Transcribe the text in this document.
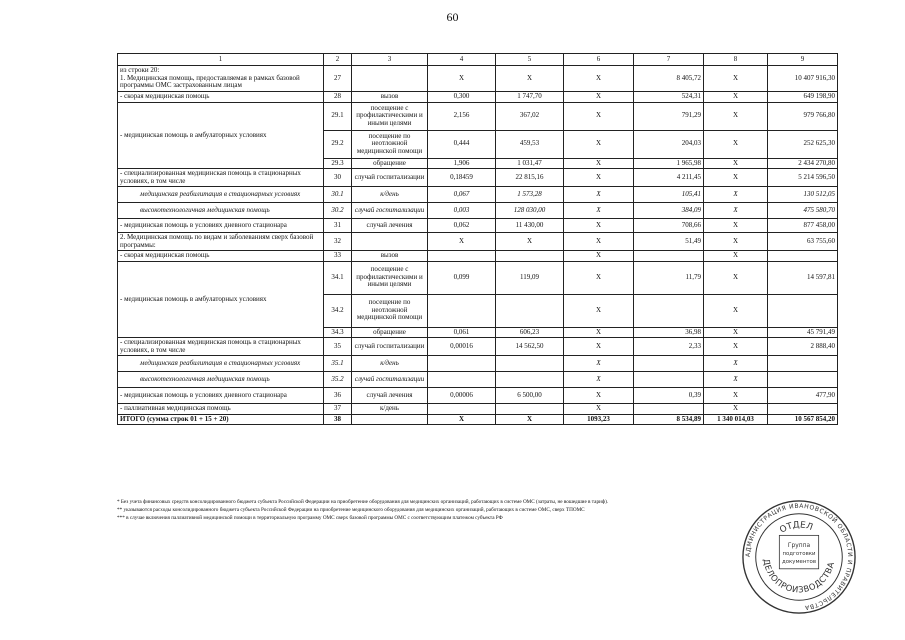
60
1	2	3	4	5	6	7	8	9	
из строки 20:
1. Медицинская помощь, предоставляемая в рамках базовой программы ОМС застрахованным лицам	27		X	X	X	8 405,72	X	10 407 916,30	
- скорая медицинская помощь	28	вызов	0,300	1 747,70	X	524,31	X	649 198,90	
- медицинская помощь в амбулаторных условиях	29.1	посещение с профилактическими и иными целями	2,156	367,02	X	791,29	X	979 766,80	
	29.2	посещение по неотложной медицинской помощи	0,444	459,53	X	204,03	X	252 625,30	
	29.3	обращение	1,906	1 031,47	X	1 965,98	X	2 434 270,80	
- специализированная медицинская помощь в стационарных условиях, в том числе	30	случай госпитализации	0,18459	22 815,16	X	4 211,45	X	5 214 596,50	
медицинская реабилитация в стационарных условиях	30.1	к/день	0,067	1 573,28	X	105,41	X	130 512,05	
высокотехнологичная медицинская помощь	30.2	случай госпитализации	0,003	128 030,00	X	384,09	X	475 580,70	
- медицинская помощь в условиях дневного стационара	31	случай лечения	0,062	11 430,00	X	708,66	X	877 458,00	
2. Медицинская помощь по видам и заболеваниям сверх базовой программы:	32		X	X	X	51,49	X	63 755,60	
- скорая медицинская помощь	33	вызов			X		X		
- медицинская помощь в амбулаторных условиях	34.1	посещение с профилактическими и иными целями	0,099	119,09	X	11,79	X	14 597,81	
	34.2	посещение по неотложной медицинской помощи			X		X		
	34.3	обращение	0,061	606,23	X	36,98	X	45 791,49	
- специализированная медицинская помощь в стационарных условиях, в том числе	35	случай госпитализации	0,00016	14 562,50	X	2,33	X	2 888,40	
медицинская реабилитация в стационарных условиях	35.1	к/день			X		X		
высокотехнологичная медицинская помощь	35.2	случай госпитализации			X		X		
- медицинская помощь в условиях дневного стационара	36	случай лечения	0,00006	6 500,00	X	0,39	X	477,90	
- паллиативная медицинская помощь	37	к/день			X		X		
ИТОГО (сумма строк 01 + 15 + 20)	38		X	X	1093,23	8 534,89	1 340 014,03	10 567 854,20	
* Без учета финансовых средств консолидированного бюджета субъекта Российской Федерации на приобретение оборудования для медицинских организаций, работающих в системе ОМС (затраты, не вошедшие в тариф).
** указываются расходы консолидированного бюджета субъекта Российской Федерации на приобретение медицинского оборудования для медицинских организаций, работающих в системе ОМС, сверх ТПОМС
*** в случае включения паллиативной медицинской помощи в территориальную программу ОМС сверх базовой программы ОМС с соответствующим платежом субъекта РФ
АДМИНИСТРАЦИЯ ИВАНОВСКОЙ ОБЛАСТИ И ПРАВИТЕЛЬСТВА
ОТДЕЛ
ДЕЛОПРОИЗВОДСТВА
Группа
подготовки
документов
